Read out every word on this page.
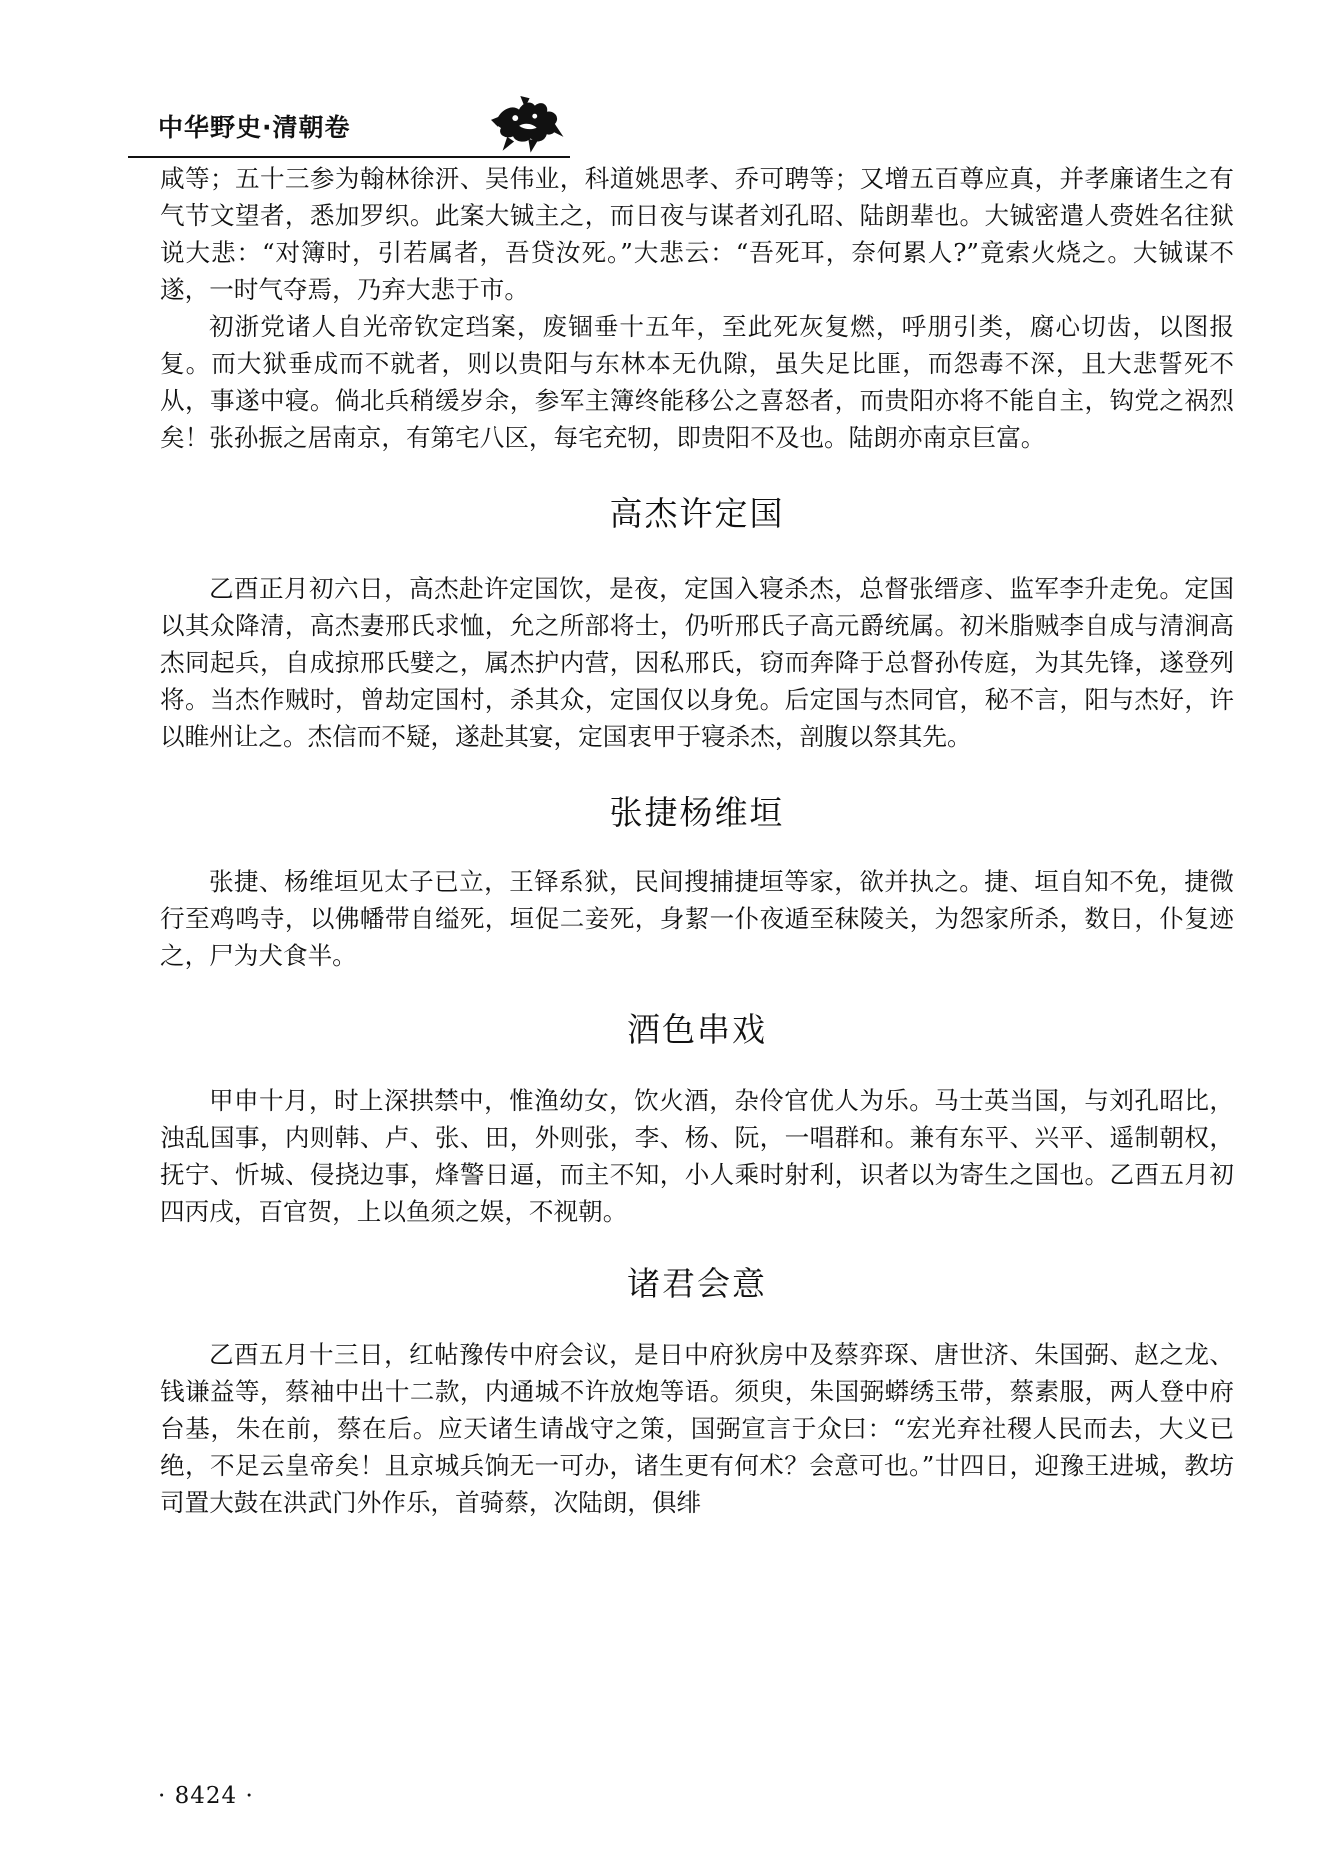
中华野史·清朝卷

咸等；五十三参为翰林徐汧、吴伟业，科道姚思孝、乔可聘等；又增五百尊应真，并孝廉诸生之有气节文望者，悉加罗织。此案大铖主之，而日夜与谋者刘孔昭、陆朗辈也。大铖密遣人赍姓名往狱说大悲：“对簿时，引若属者，吾贷汝死。”大悲云：“吾死耳，奈何累人?”竟索火烧之。大铖谋不遂，一时气夺焉，乃弃大悲于市。

初浙党诸人自光帝钦定珰案，废锢垂十五年，至此死灰复燃，呼朋引类，腐心切齿，以图报复。而大狱垂成而不就者，则以贵阳与东林本无仇隙，虽失足比匪，而怨毒不深，且大悲誓死不从，事遂中寝。倘北兵稍缓岁余，参军主簿终能移公之喜怒者，而贵阳亦将不能自主，钩党之祸烈矣！张孙振之居南京，有第宅八区，每宅充牣，即贵阳不及也。陆朗亦南京巨富。

高杰许定国

乙酉正月初六日，高杰赴许定国饮，是夜，定国入寝杀杰，总督张缙彦、监军李升走免。定国以其众降清，高杰妻邢氏求恤，允之所部将士，仍听邢氏子高元爵统属。初米脂贼李自成与清涧高杰同起兵，自成掠邢氏嬖之，属杰护内营，因私邢氏，窃而奔降于总督孙传庭，为其先锋，遂登列将。当杰作贼时，曾劫定国村，杀其众，定国仅以身免。后定国与杰同官，秘不言，阳与杰好，许以睢州让之。杰信而不疑，遂赴其宴，定国衷甲于寝杀杰，剖腹以祭其先。

张捷杨维垣

张捷、杨维垣见太子已立，王铎系狱，民间搜捕捷垣等家，欲并执之。捷、垣自知不免，捷微行至鸡鸣寺，以佛幡带自缢死，垣促二妾死，身絜一仆夜遁至秣陵关，为怨家所杀，数日，仆复迹之，尸为犬食半。

酒色串戏

甲申十月，时上深拱禁中，惟渔幼女，饮火酒，杂伶官优人为乐。马士英当国，与刘孔昭比，浊乱国事，内则韩、卢、张、田，外则张，李、杨、阮，一唱群和。兼有东平、兴平、遥制朝权，抚宁、忻城、侵挠边事，烽警日逼，而主不知，小人乘时射利，识者以为寄生之国也。乙酉五月初四丙戌，百官贺，上以鱼须之娱，不视朝。

诸君会意

乙酉五月十三日，红帖豫传中府会议，是日中府狄房中及蔡弈琛、唐世济、朱国弼、赵之龙、钱谦益等，蔡袖中出十二款，内通城不许放炮等语。须臾，朱国弼蟒绣玉带，蔡素服，两人登中府台基，朱在前，蔡在后。应天诸生请战守之策，国弼宣言于众曰：“宏光弃社稷人民而去，大义已绝，不足云皇帝矣！且京城兵饷无一可办，诸生更有何术？会意可也。”廿四日，迎豫王进城，教坊司置大鼓在洪武门外作乐，首骑蔡，次陆朗，俱绯

· 8424 ·
